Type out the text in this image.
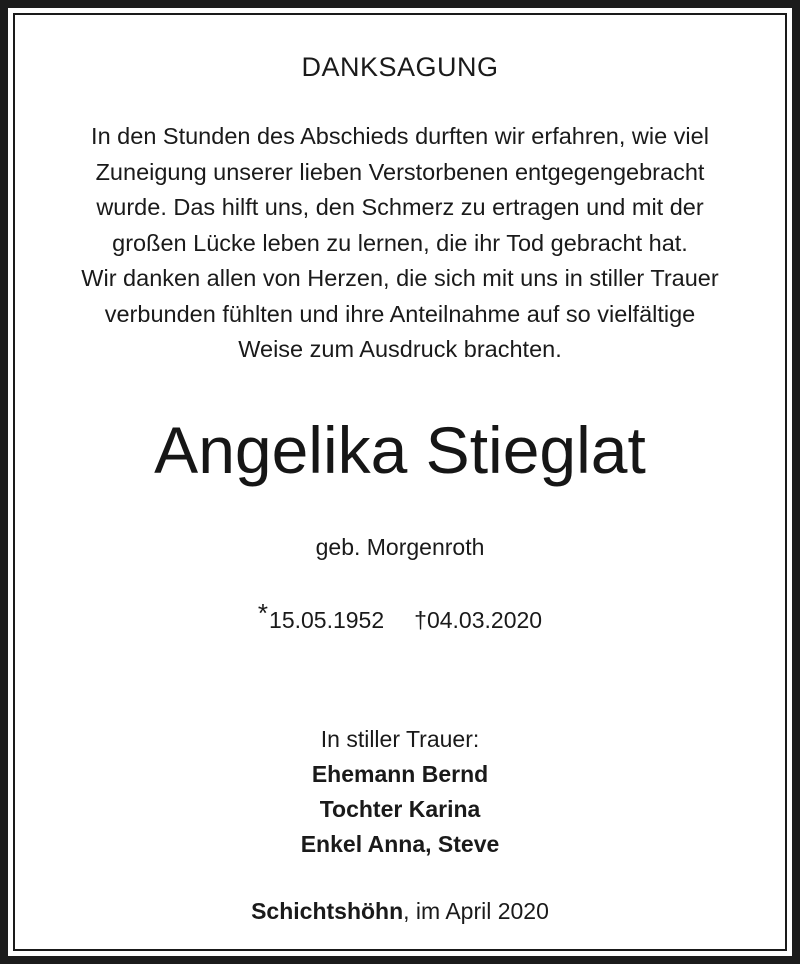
DANKSAGUNG
In den Stunden des Abschieds durften wir erfahren, wie viel
Zuneigung unserer lieben Verstorbenen entgegengebracht
wurde. Das hilft uns, den Schmerz zu ertragen und mit der
großen Lücke leben zu lernen, die ihr Tod gebracht hat.
Wir danken allen von Herzen, die sich mit uns in stiller Trauer
verbunden fühlten und ihre Anteilnahme auf so vielfältige
Weise zum Ausdruck brachten.
Angelika Stieglat
geb. Morgenroth
*15.05.1952 †04.03.2020
In stiller Trauer:
Ehemann Bernd
Tochter Karina
Enkel Anna, Steve
Schichtshöhn, im April 2020
